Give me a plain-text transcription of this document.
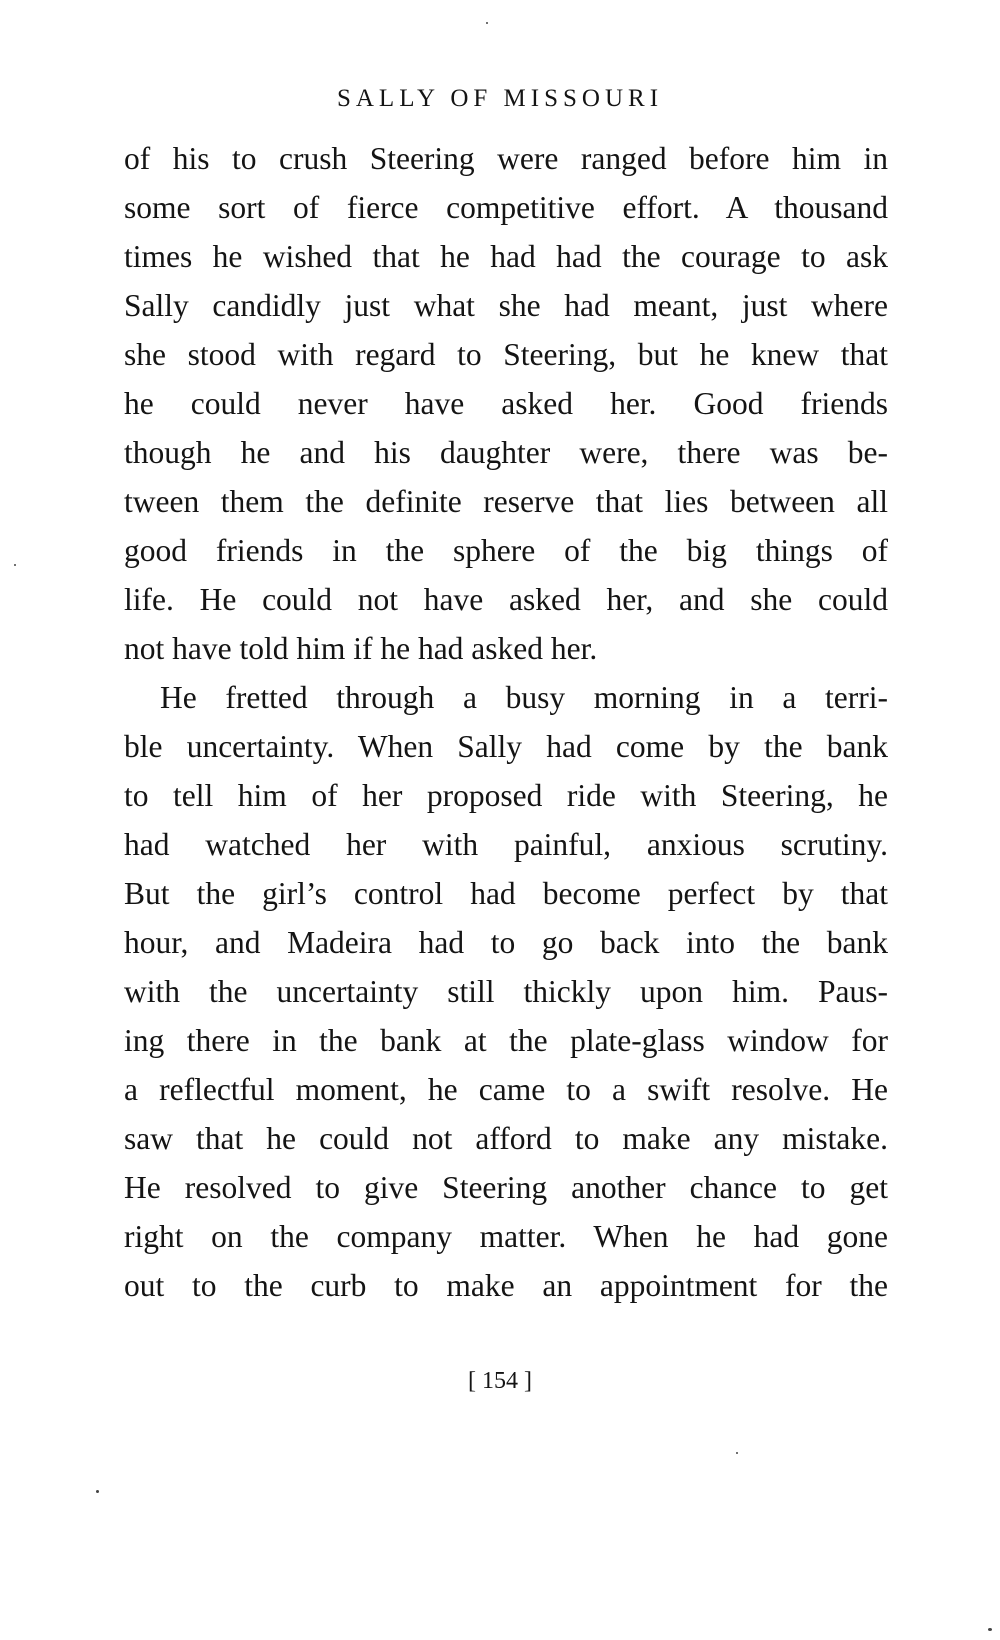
SALLY OF MISSOURI
of his to crush Steering were ranged before him in
some sort of fierce competitive effort. A thousand
times he wished that he had had the courage to ask
Sally candidly just what she had meant, just where
she stood with regard to Steering, but he knew that
he could never have asked her. Good friends
though he and his daughter were, there was be-
tween them the definite reserve that lies between all
good friends in the sphere of the big things of
life. He could not have asked her, and she could
not have told him if he had asked her.
He fretted through a busy morning in a terri-
ble uncertainty. When Sally had come by the bank
to tell him of her proposed ride with Steering, he
had watched her with painful, anxious scrutiny.
But the girl’s control had become perfect by that
hour, and Madeira had to go back into the bank
with the uncertainty still thickly upon him. Paus-
ing there in the bank at the plate-glass window for
a reflectful moment, he came to a swift resolve. He
saw that he could not afford to make any mistake.
He resolved to give Steering another chance to get
right on the company matter. When he had gone
out to the curb to make an appointment for the
[ 154 ]
